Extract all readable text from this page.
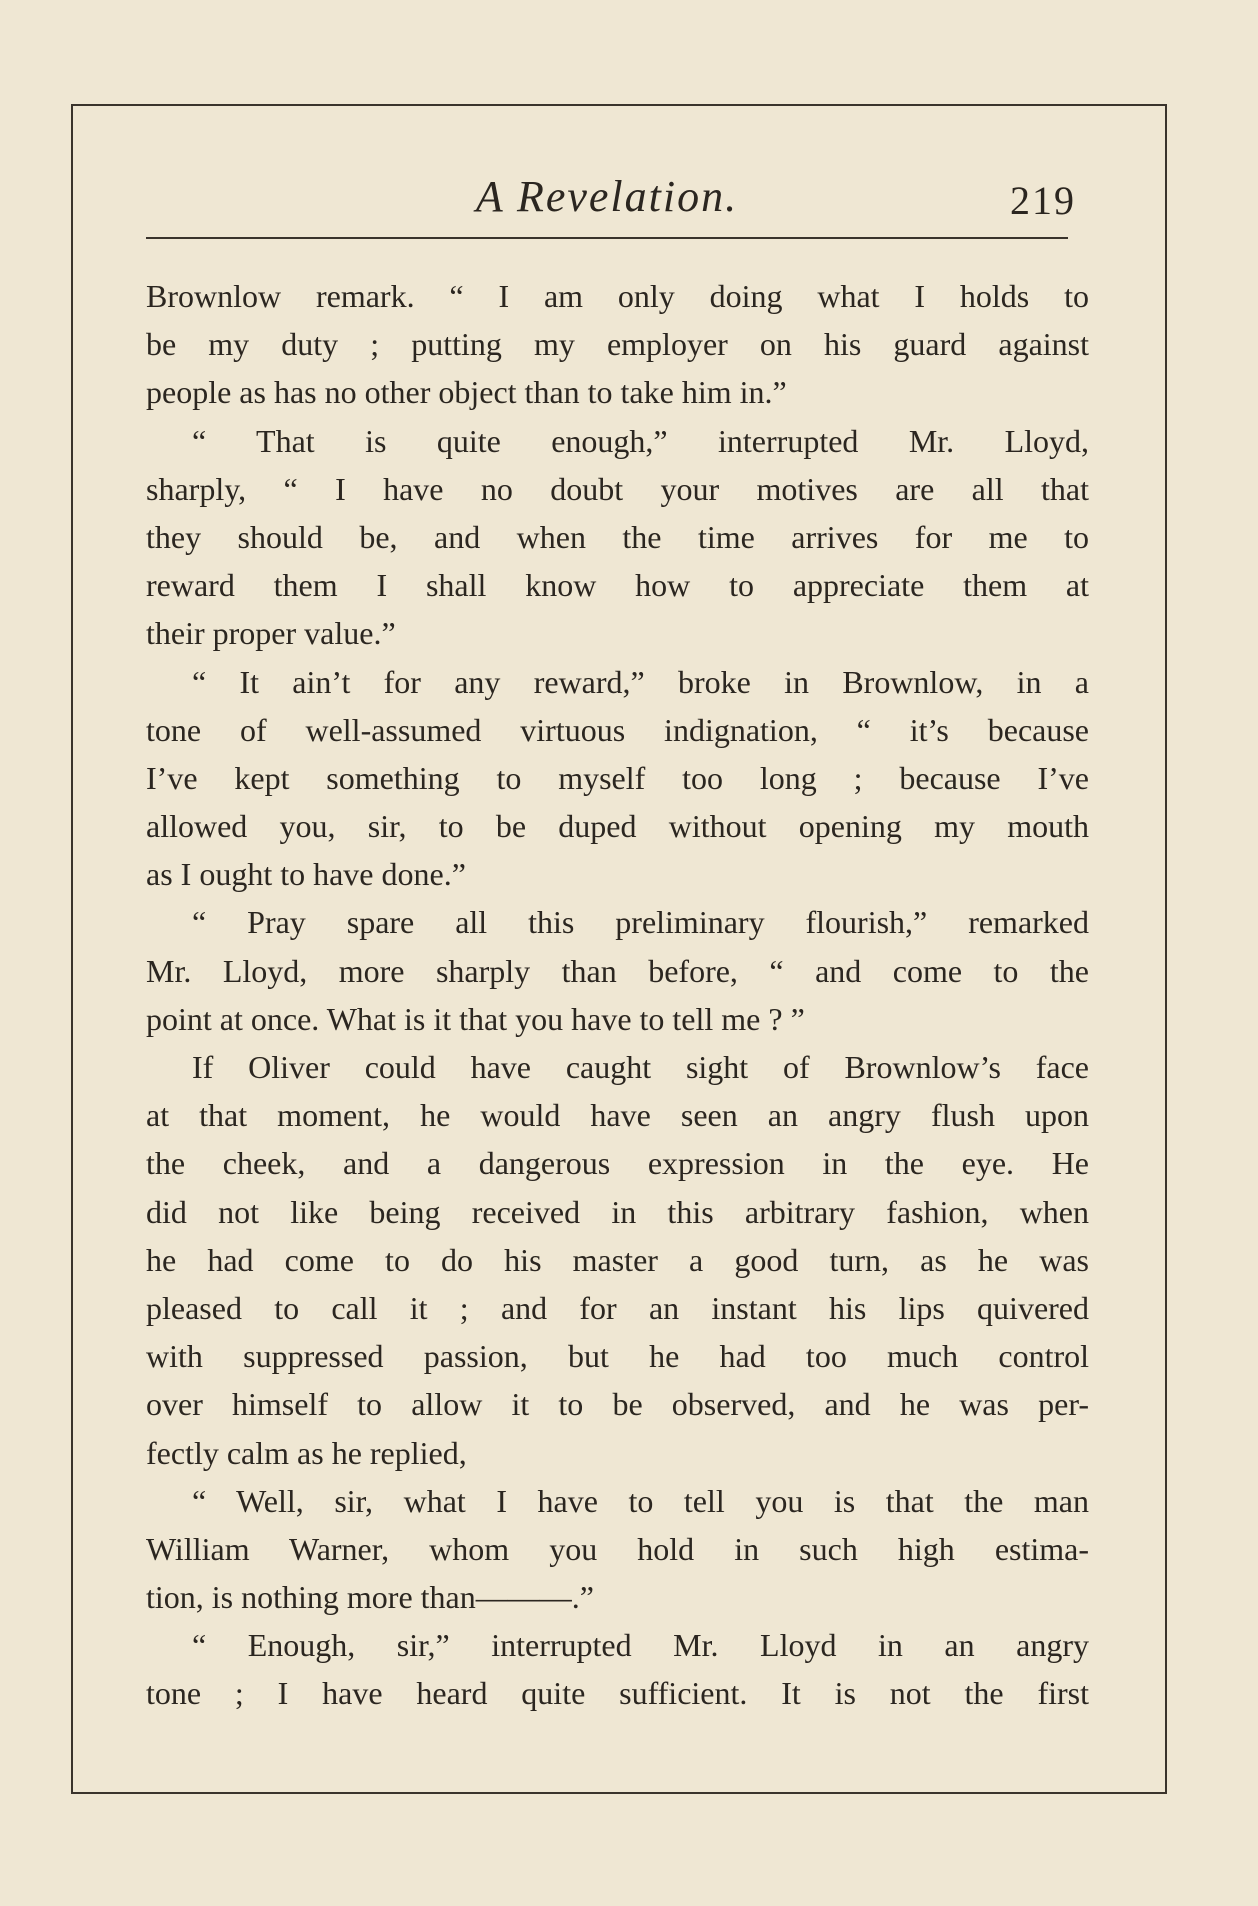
A Revelation.	219
Brownlow remark. “ I am only doing what I holds to
be my duty ; putting my employer on his guard against
people as has no other object than to take him in.”
“ That is quite enough,” interrupted Mr. Lloyd,
sharply, “ I have no doubt your motives are all that
they should be, and when the time arrives for me to
reward them I shall know how to appreciate them at
their proper value.”
“ It ain’t for any reward,” broke in Brownlow, in a
tone of well-assumed virtuous indignation, “ it’s because
I’ve kept something to myself too long ; because I’ve
allowed you, sir, to be duped without opening my mouth
as I ought to have done.”
“ Pray spare all this preliminary flourish,” remarked
Mr. Lloyd, more sharply than before, “ and come to the
point at once. What is it that you have to tell me ? ”
If Oliver could have caught sight of Brownlow’s face
at that moment, he would have seen an angry flush upon
the cheek, and a dangerous expression in the eye. He
did not like being received in this arbitrary fashion, when
he had come to do his master a good turn, as he was
pleased to call it ; and for an instant his lips quivered
with suppressed passion, but he had too much control
over himself to allow it to be observed, and he was per-
fectly calm as he replied,
“ Well, sir, what I have to tell you is that the man
William Warner, whom you hold in such high estima-
tion, is nothing more than———.”
“ Enough, sir,” interrupted Mr. Lloyd in an angry
tone ; I have heard quite sufficient. It is not the first
